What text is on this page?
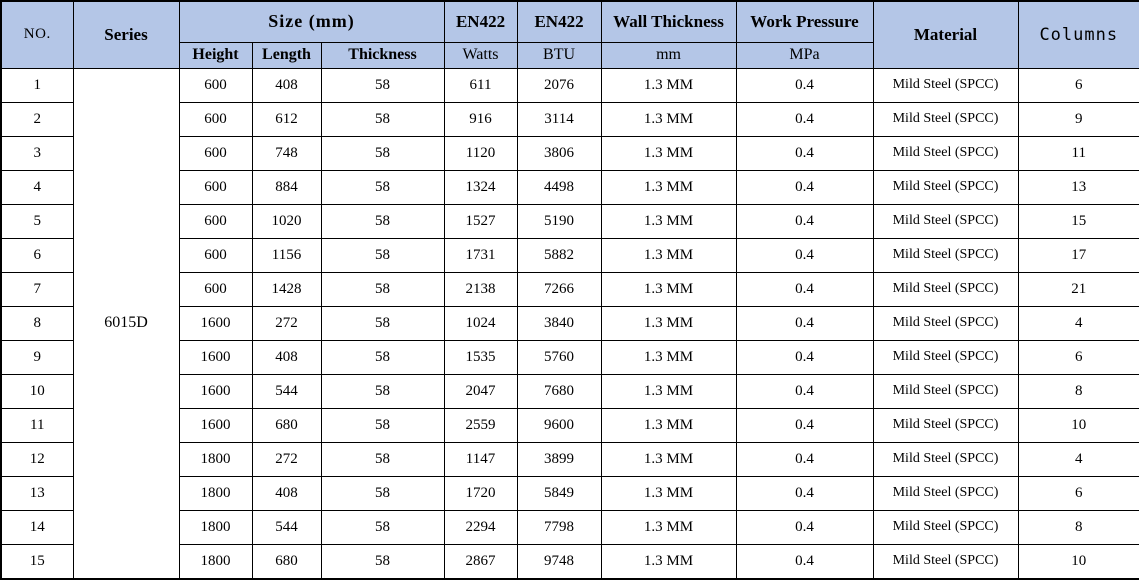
NO.	Series	Size (mm)			EN422	EN422	Wall Thickness	Work Pressure	Material	Columns
		Height	Length	Thickness	Watts	BTU	mm	MPa		
1	6015D	600	408	58	611	2076	1.3 MM	0.4	Mild Steel (SPCC)	6
2		600	612	58	916	3114	1.3 MM	0.4	Mild Steel (SPCC)	9
3		600	748	58	1120	3806	1.3 MM	0.4	Mild Steel (SPCC)	11
4		600	884	58	1324	4498	1.3 MM	0.4	Mild Steel (SPCC)	13
5		600	1020	58	1527	5190	1.3 MM	0.4	Mild Steel (SPCC)	15
6		600	1156	58	1731	5882	1.3 MM	0.4	Mild Steel (SPCC)	17
7		600	1428	58	2138	7266	1.3 MM	0.4	Mild Steel (SPCC)	21
8		1600	272	58	1024	3840	1.3 MM	0.4	Mild Steel (SPCC)	4
9		1600	408	58	1535	5760	1.3 MM	0.4	Mild Steel (SPCC)	6
10		1600	544	58	2047	7680	1.3 MM	0.4	Mild Steel (SPCC)	8
11		1600	680	58	2559	9600	1.3 MM	0.4	Mild Steel (SPCC)	10
12		1800	272	58	1147	3899	1.3 MM	0.4	Mild Steel (SPCC)	4
13		1800	408	58	1720	5849	1.3 MM	0.4	Mild Steel (SPCC)	6
14		1800	544	58	2294	7798	1.3 MM	0.4	Mild Steel (SPCC)	8
15		1800	680	58	2867	9748	1.3 MM	0.4	Mild Steel (SPCC)	10
